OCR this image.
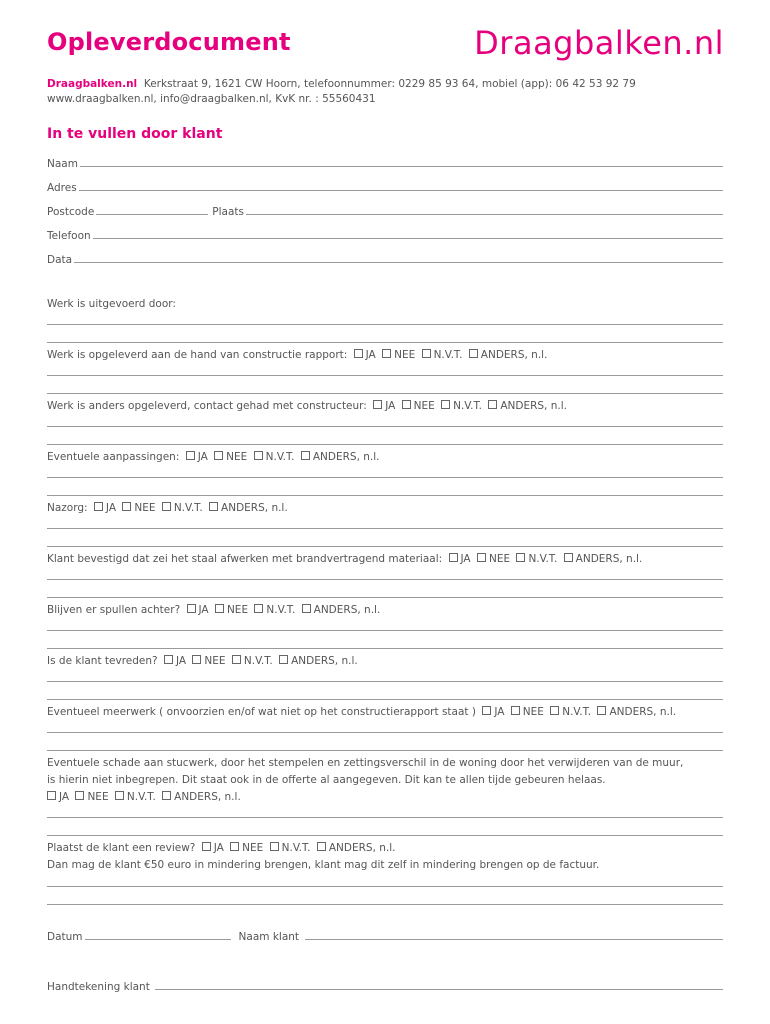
Opleverdocument	Draagbalken.nl
Draagbalken.nl Kerkstraat 9, 1621 CW Hoorn, telefoonnummer: 0229 85 93 64, mobiel (app): 06 42 53 92 79
www.draagbalken.nl, info@draagbalken.nl, KvK nr. : 55560431
In te vullen door klant
Naam
Adres
Postcode	Plaats
Telefoon
Data
Werk is uitgevoerd door:
Werk is opgeleverd aan de hand van constructie rapport: JA NEE N.V.T. ANDERS, n.l.
Werk is anders opgeleverd, contact gehad met constructeur: JA NEE N.V.T. ANDERS, n.l.
Eventuele aanpassingen: JA NEE N.V.T. ANDERS, n.l.
Nazorg: JA NEE N.V.T. ANDERS, n.l.
Klant bevestigd dat zei het staal afwerken met brandvertragend materiaal: JA NEE N.V.T. ANDERS, n.l.
Blijven er spullen achter? JA NEE N.V.T. ANDERS, n.l.
Is de klant tevreden? JA NEE N.V.T. ANDERS, n.l.
Eventueel meerwerk ( onvoorzien en/of wat niet op het constructierapport staat ) JA NEE N.V.T. ANDERS, n.l.
Eventuele schade aan stucwerk, door het stempelen en zettingsverschil in de woning door het verwijderen van de muur,
is hierin niet inbegrepen. Dit staat ook in de offerte al aangegeven. Dit kan te allen tijde gebeuren helaas.
JA NEE N.V.T. ANDERS, n.l.
Plaatst de klant een review? JA NEE N.V.T. ANDERS, n.l.
Dan mag de klant €50 euro in mindering brengen, klant mag dit zelf in mindering brengen op de factuur.
Datum	Naam klant
Handtekening klant
